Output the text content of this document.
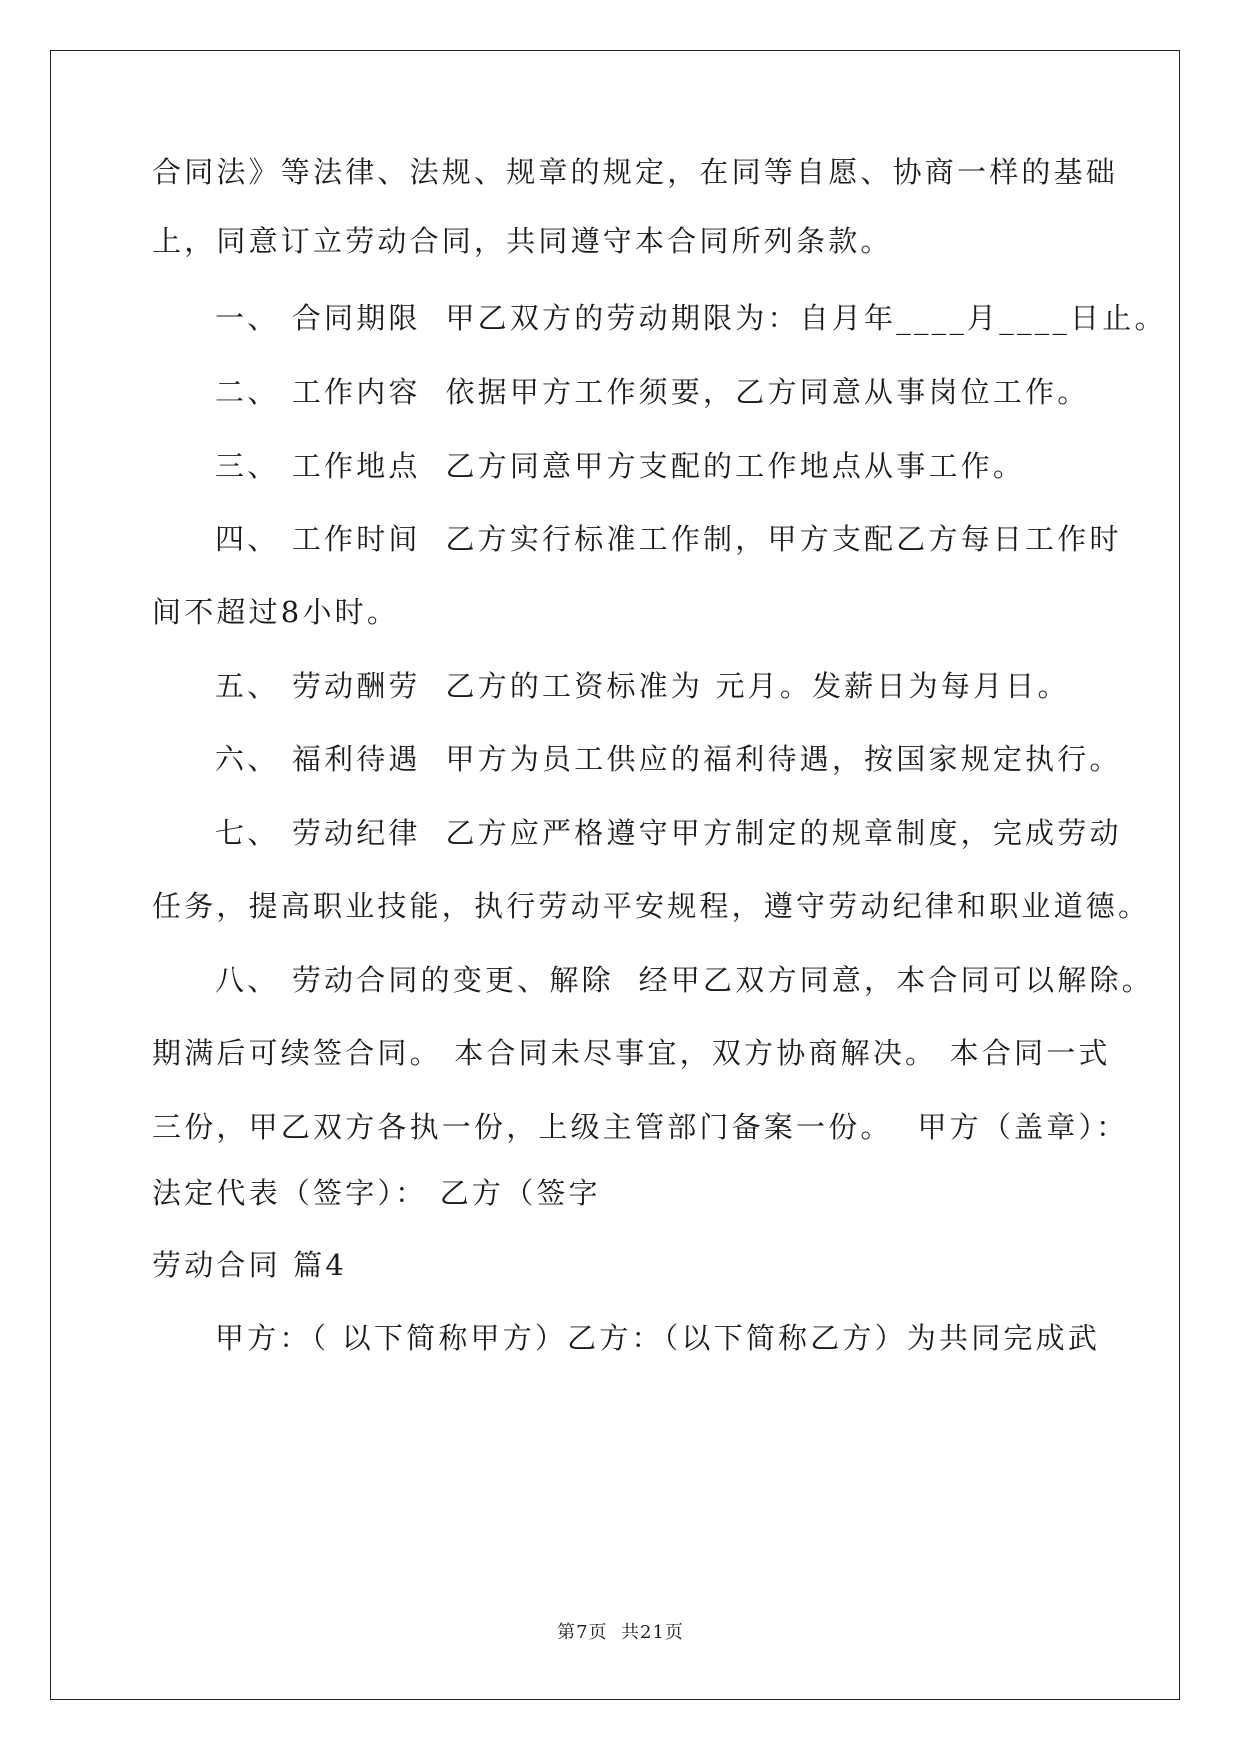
合同法》等法律、法规、规章的规定，在同等自愿、协商一样的基础
上，同意订立劳动合同，共同遵守本合同所列条款。
一、 合同期限  甲乙双方的劳动期限为：自月年____月____日止。
二、 工作内容  依据甲方工作须要，乙方同意从事岗位工作。
三、 工作地点  乙方同意甲方支配的工作地点从事工作。
四、 工作时间  乙方实行标准工作制，甲方支配乙方每日工作时
间不超过8小时。
五、 劳动酬劳  乙方的工资标准为 元月。发薪日为每月日。
六、 福利待遇  甲方为员工供应的福利待遇，按国家规定执行。
七、 劳动纪律  乙方应严格遵守甲方制定的规章制度，完成劳动
任务，提高职业技能，执行劳动平安规程，遵守劳动纪律和职业道德。
八、 劳动合同的变更、解除  经甲乙双方同意，本合同可以解除。
期满后可续签合同。 本合同未尽事宜，双方协商解决。 本合同一式
三份，甲乙双方各执一份，上级主管部门备案一份。  甲方（盖章）：
法定代表（签字）： 乙方（签字
劳动合同 篇4
甲方：（ 以下简称甲方）乙方：（以下简称乙方）为共同完成武
第7页  共21页
